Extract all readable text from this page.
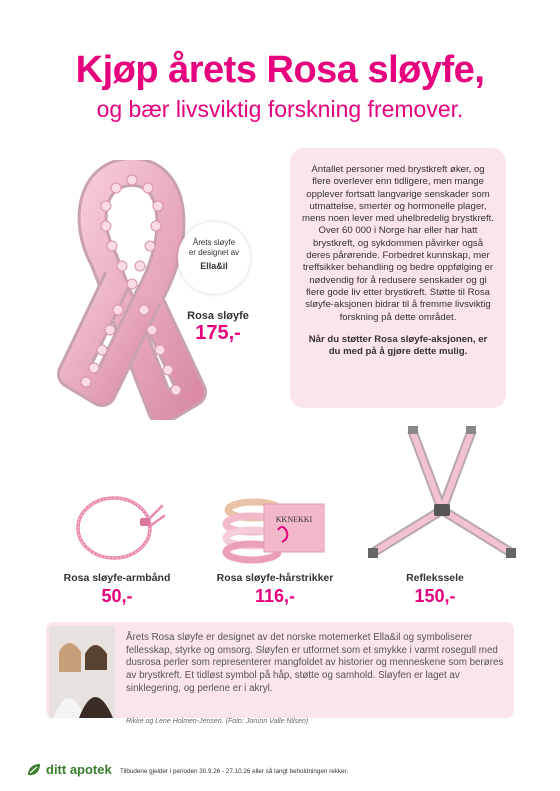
Kjøp årets Rosa sløyfe,
og bær livsviktig forskning fremover.
Årets sløyfe
er designet av
Ella&il
Rosa sløyfe
175,-

Antallet personer med brystkreft øker, og flere overlever enn tidligere, men mange opplever fortsatt langvarige senskader som utmattelse, smerter og hormonelle plager, mens noen lever med uhelbredelig brystkreft. Over 60 000 i Norge har eller har hatt brystkreft, og sykdommen påvirker også deres pårørende. Forbedret kunnskap, mer treffsikker behandling og bedre oppfølging er nødvendig for å redusere senskader og gi flere gode liv etter brystkreft. Støtte til Rosa sløyfe-aksjonen bidrar til å fremme livsviktig forskning på dette området.

Når du støtter Rosa sløyfe-aksjonen, er du med på å gjøre dette mulig.

Rosa sløyfe-armbånd
50,-
KKNEKKI
Rosa sløyfe-hårstrikker
116,-
Reflekssele
150,-

Årets Rosa sløyfe er designet av det norske motemerket Ella&il og symboliserer fellesskap, styrke og omsorg. Sløyfen er utformet som et smykke i varmt rosegull med dusrosa perler som representerer mangfoldet av historier og menneskene som berøres av brystkreft. Et tidløst symbol på håp, støtte og samhold. Sløyfen er laget av sinklegering, og perlene er i akryl.

Rikke og Lene Holmen-Jensen. (Foto: Jorunn Valle Nilsen)

ditt apotek Tilbudene gjelder i perioden 30.9.26 - 27.10.26 eller så langt beholdningen rekker.
